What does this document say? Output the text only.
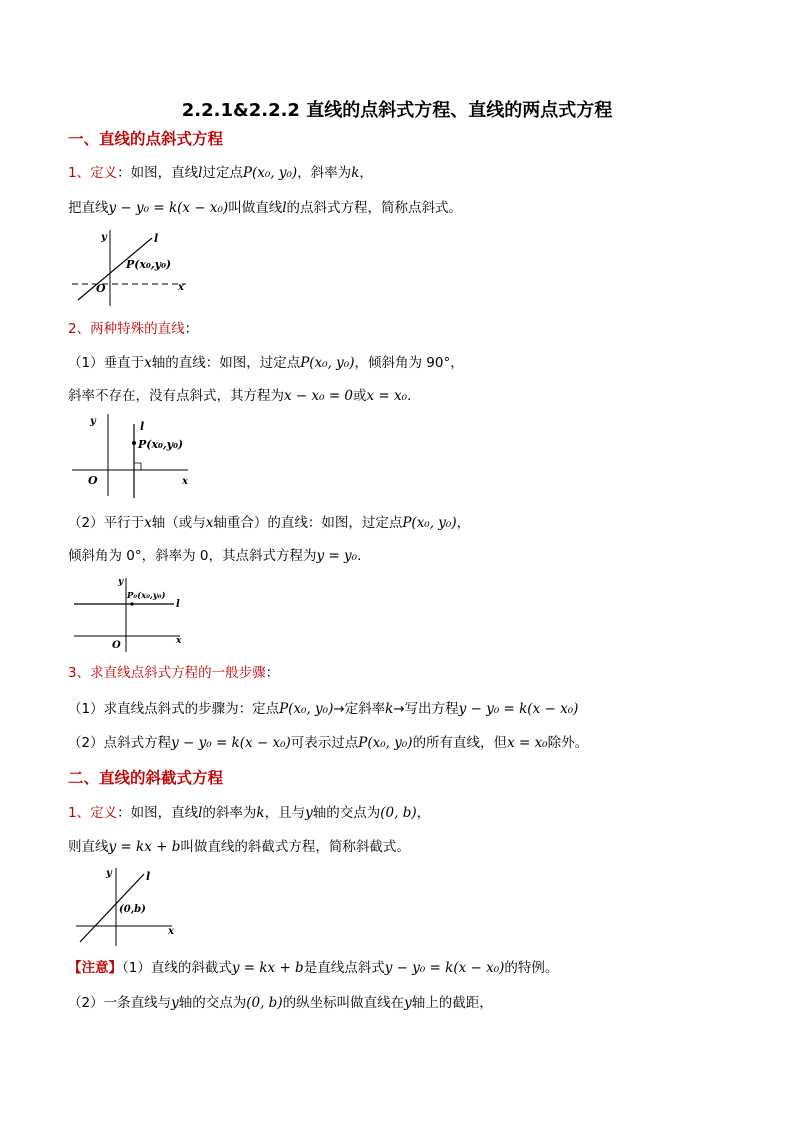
2.2.1&2.2.2 直线的点斜式方程、直线的两点式方程
一、直线的点斜式方程
1、定义：如图，直线l过定点P(x₀, y₀)，斜率为k，
把直线y − y₀ = k(x − x₀)叫做直线l的点斜式方程，简称点斜式。
y
x
O
l
P(x₀,y₀)
2、两种特殊的直线：
（1）垂直于x轴的直线：如图，过定点P(x₀, y₀)，倾斜角为 90°，
斜率不存在，没有点斜式，其方程为x − x₀ = 0或x = x₀.
y
x
O
l
P(x₀,y₀)
（2）平行于x轴（或与x轴重合）的直线：如图，过定点P(x₀, y₀)，
倾斜角为 0°，斜率为 0，其点斜式方程为y = y₀.
y
x
O
l
P₀(x₀,y₀)
3、求直线点斜式方程的一般步骤：
（1）求直线点斜式的步骤为：定点P(x₀, y₀)→定斜率k→写出方程y − y₀ = k(x − x₀)
（2）点斜式方程y − y₀ = k(x − x₀)可表示过点P(x₀, y₀)的所有直线，但x = x₀除外。
二、直线的斜截式方程
1、定义：如图，直线l的斜率为k，且与y轴的交点为(0, b)，
则直线y = kx + b叫做直线的斜截式方程，简称斜截式。
y
x
l
(0,b)
【注意】（1）直线的斜截式y = kx + b是直线点斜式y − y₀ = k(x − x₀)的特例。
（2）一条直线与y轴的交点为(0, b)的纵坐标叫做直线在y轴上的截距，
